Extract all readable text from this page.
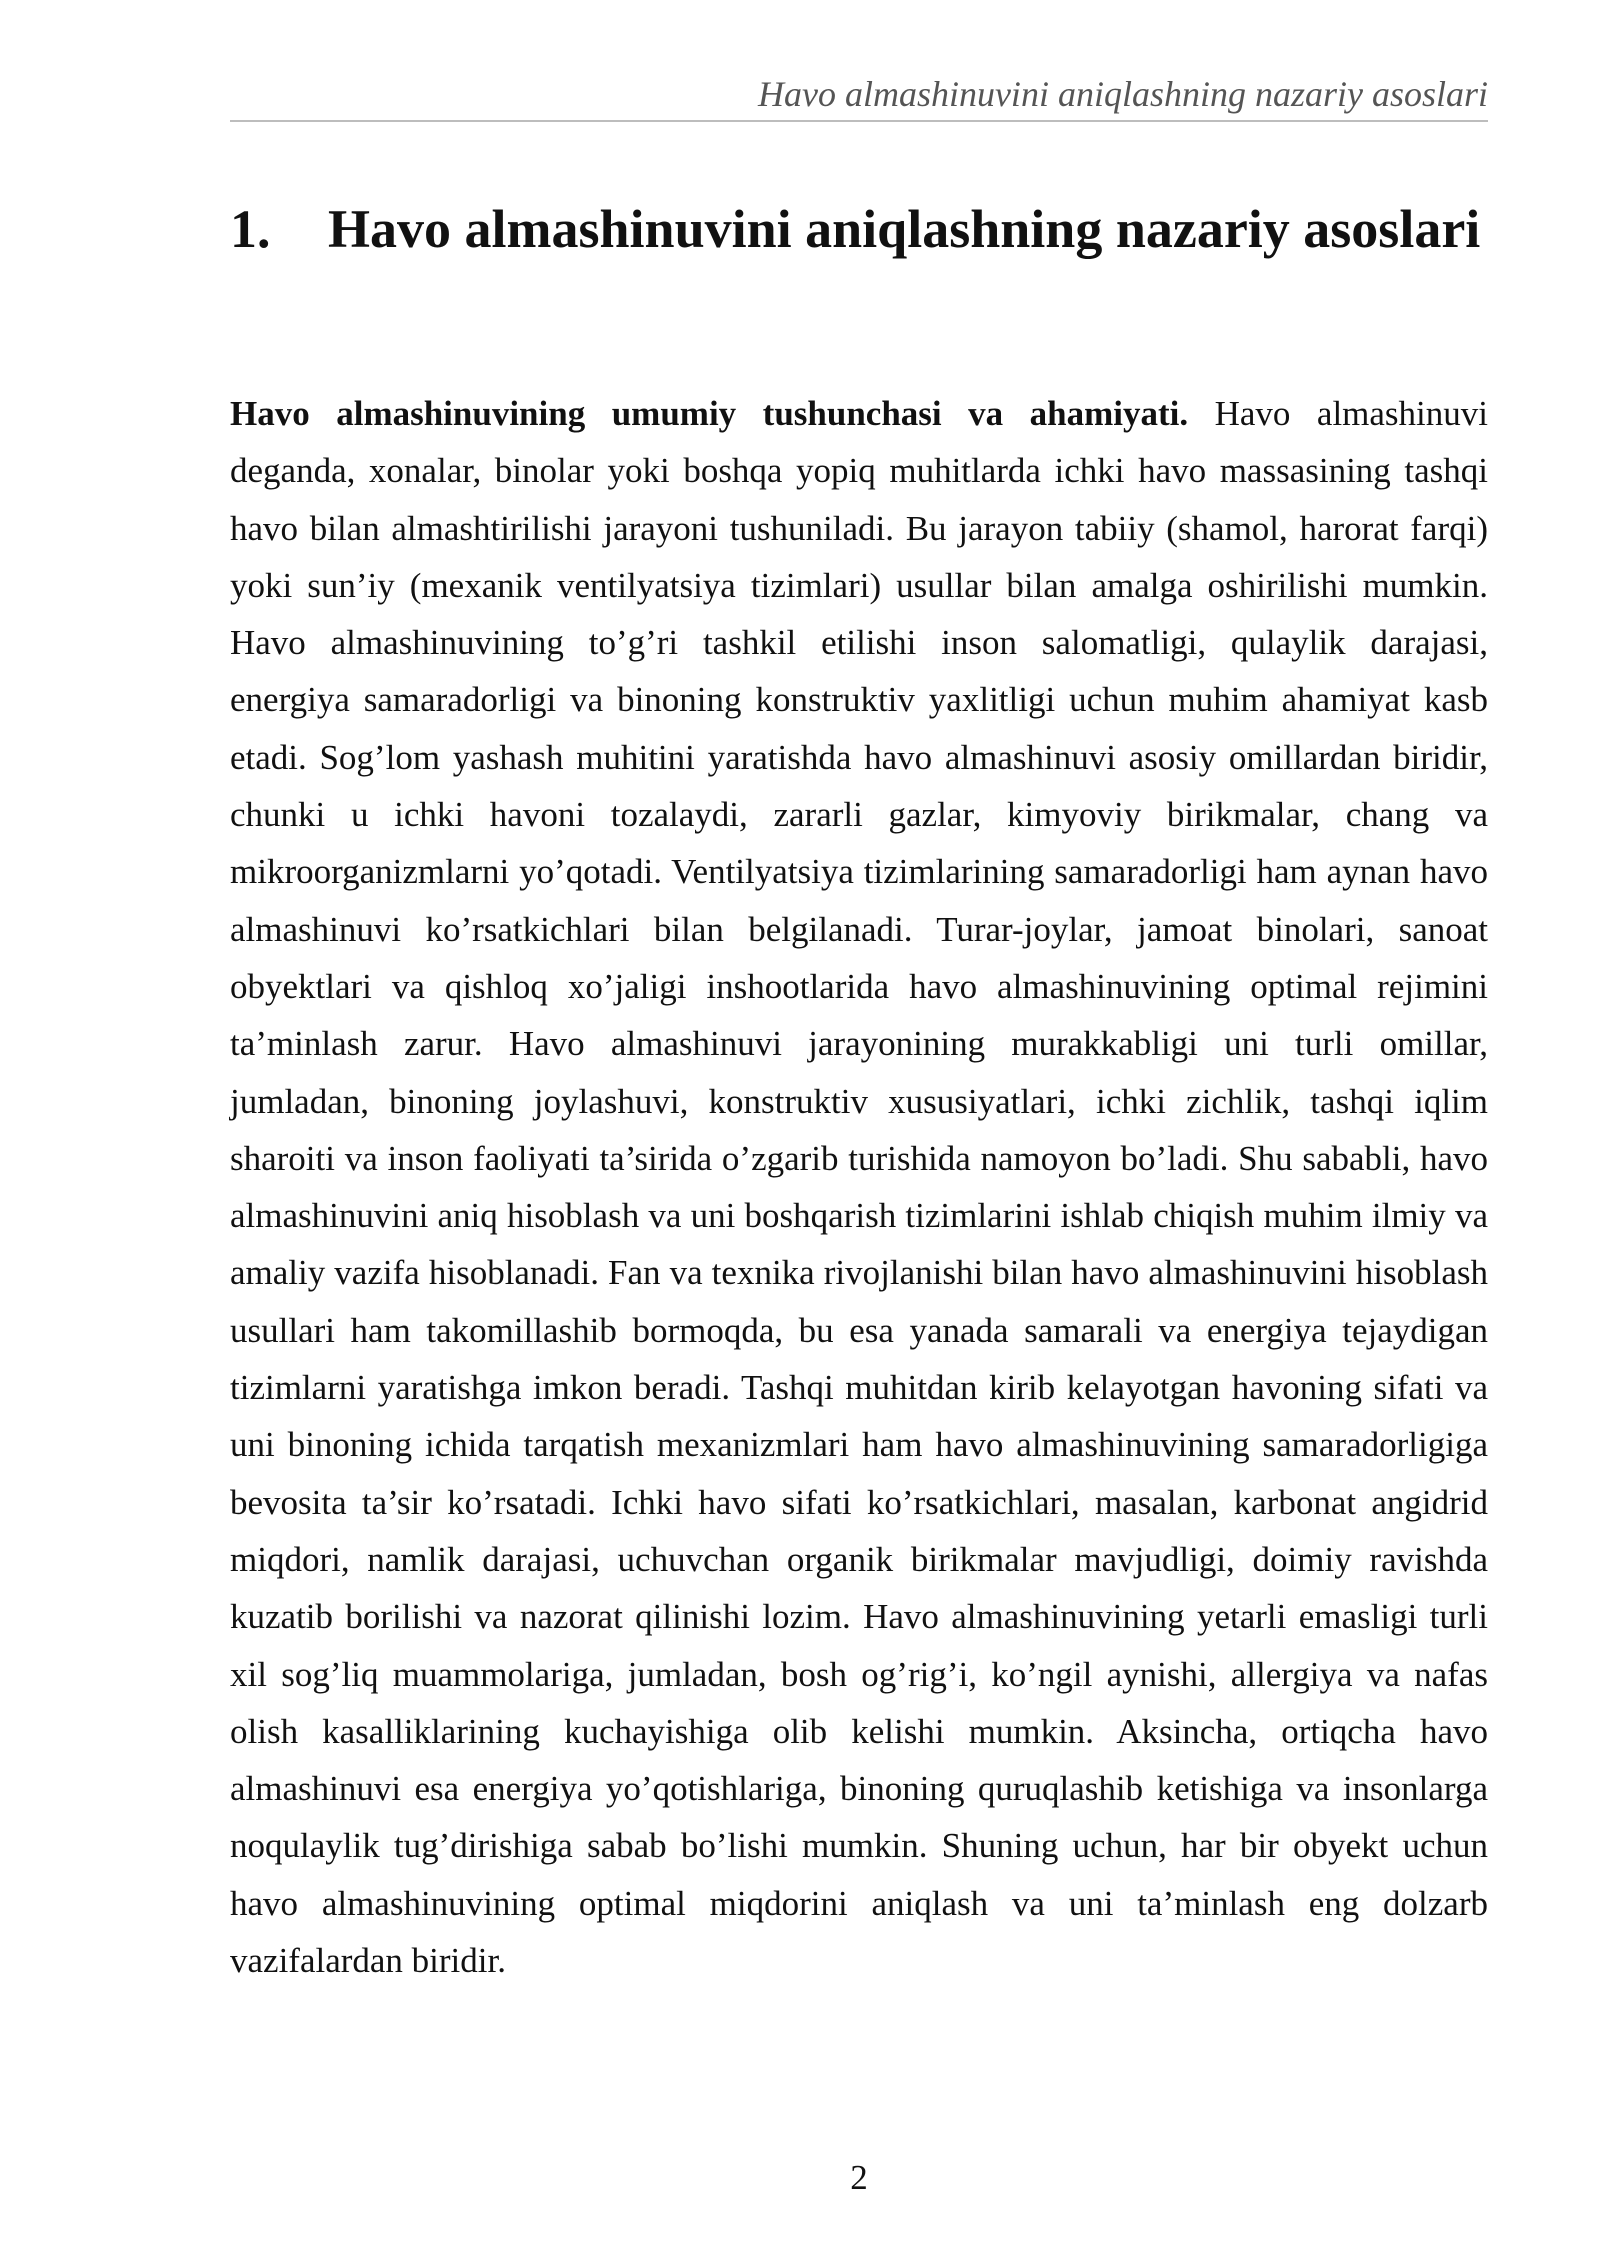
Havo almashinuvini aniqlashning nazariy asoslari
1.	Havo almashinuvini aniqlashning nazariy asoslari

Havo almashinuvining umumiy tushunchasi va ahamiyati. Havo almashinuvi deganda, xonalar, binolar yoki boshqa yopiq muhitlarda ichki havo massasining tashqi havo bilan almashtirilishi jarayoni tushuniladi. Bu jarayon tabiiy (shamol, harorat farqi) yoki sun’iy (mexanik ventilyatsiya tizimlari) usullar bilan amalga oshirilishi mumkin. Havo almashinuvining to’g’ri tashkil etilishi inson salomatligi, qulaylik darajasi, energiya samaradorligi va binoning konstruktiv yaxlitligi uchun muhim ahamiyat kasb etadi. Sog’lom yashash muhitini yaratishda havo almashinuvi asosiy omillardan biridir, chunki u ichki havoni tozalaydi, zararli gazlar, kimyoviy birikmalar, chang va mikroorganizmlarni yo’qotadi. Ventilyatsiya tizimlarining samaradorligi ham aynan havo almashinuvi ko’rsatkichlari bilan belgilanadi. Turar-joylar, jamoat binolari, sanoat obyektlari va qishloq xo’jaligi inshootlarida havo almashinuvining optimal rejimini ta’minlash zarur. Havo almashinuvi jarayonining murakkabligi uni turli omillar, jumladan, binoning joylashuvi, konstruktiv xususiyatlari, ichki zichlik, tashqi iqlim sharoiti va inson faoliyati ta’sirida o’zgarib turishida namoyon bo’ladi. Shu sababli, havo almashinuvini aniq hisoblash va uni boshqarish tizimlarini ishlab chiqish muhim ilmiy va amaliy vazifa hisoblanadi. Fan va texnika rivojlanishi bilan havo almashinuvini hisoblash usullari ham takomillashib bormoqda, bu esa yanada samarali va energiya tejaydigan tizimlarni yaratishga imkon beradi. Tashqi muhitdan kirib kelayotgan havoning sifati va uni binoning ichida tarqatish mexanizmlari ham havo almashinuvining samaradorligiga bevosita ta’sir ko’rsatadi. Ichki havo sifati ko’rsatkichlari, masalan, karbonat angidrid miqdori, namlik darajasi, uchuvchan organik birikmalar mavjudligi, doimiy ravishda kuzatib borilishi va nazorat qilinishi lozim. Havo almashinuvining yetarli emasligi turli xil sog’liq muammolariga, jumladan, bosh og’rig’i, ko’ngil aynishi, allergiya va nafas olish kasalliklarining kuchayishiga olib kelishi mumkin. Aksincha, ortiqcha havo almashinuvi esa energiya yo’qotishlariga, binoning quruqlashib ketishiga va insonlarga noqulaylik tug’dirishiga sabab bo’lishi mumkin. Shuning uchun, har bir obyekt uchun havo almashinuvining optimal miqdorini aniqlash va uni ta’minlash eng dolzarb vazifalardan biridir.

2
